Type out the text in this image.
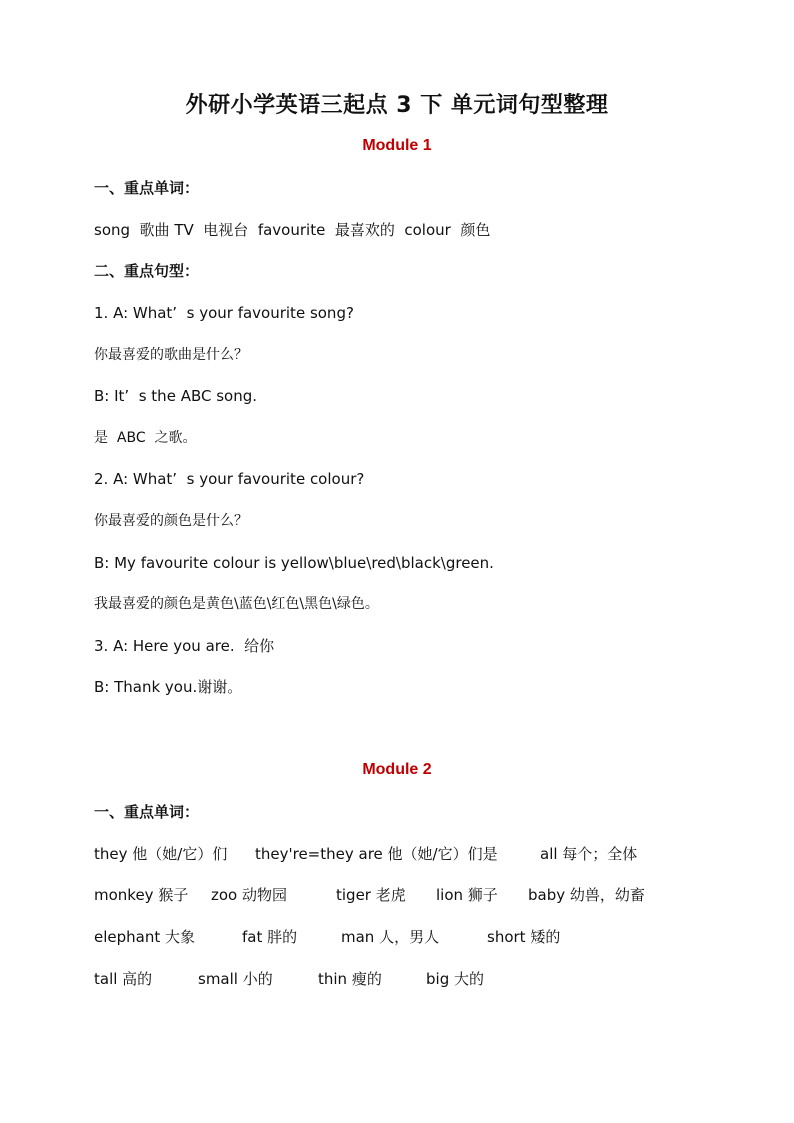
外研小学英语三起点 3 下 单元词句型整理
Module 1
一、重点单词：
song  歌曲 TV  电视台  favourite  最喜欢的  colour  颜色
二、重点句型：
1. A: What’  s your favourite song?
你最喜爱的歌曲是什么？
B: It’  s the ABC song.
是  ABC  之歌。
2. A: What’  s your favourite colour?
你最喜爱的颜色是什么？
B: My favourite colour is yellow\blue\red\black\green.
我最喜爱的颜色是黄色\蓝色\红色\黑色\绿色。
3. A: Here you are.  给你
B: Thank you.谢谢。
Module 2
一、重点单词：
they 他（她/它）们 they're=they are 他（她/它）们是	all 每个；全体
monkey 猴子 zoo 动物园	tiger 老虎 lion 狮子 baby 幼兽，幼畜
elephant 大象	fat 胖的	man 人，男人	short 矮的
tall 高的	small 小的	thin 瘦的	big 大的
